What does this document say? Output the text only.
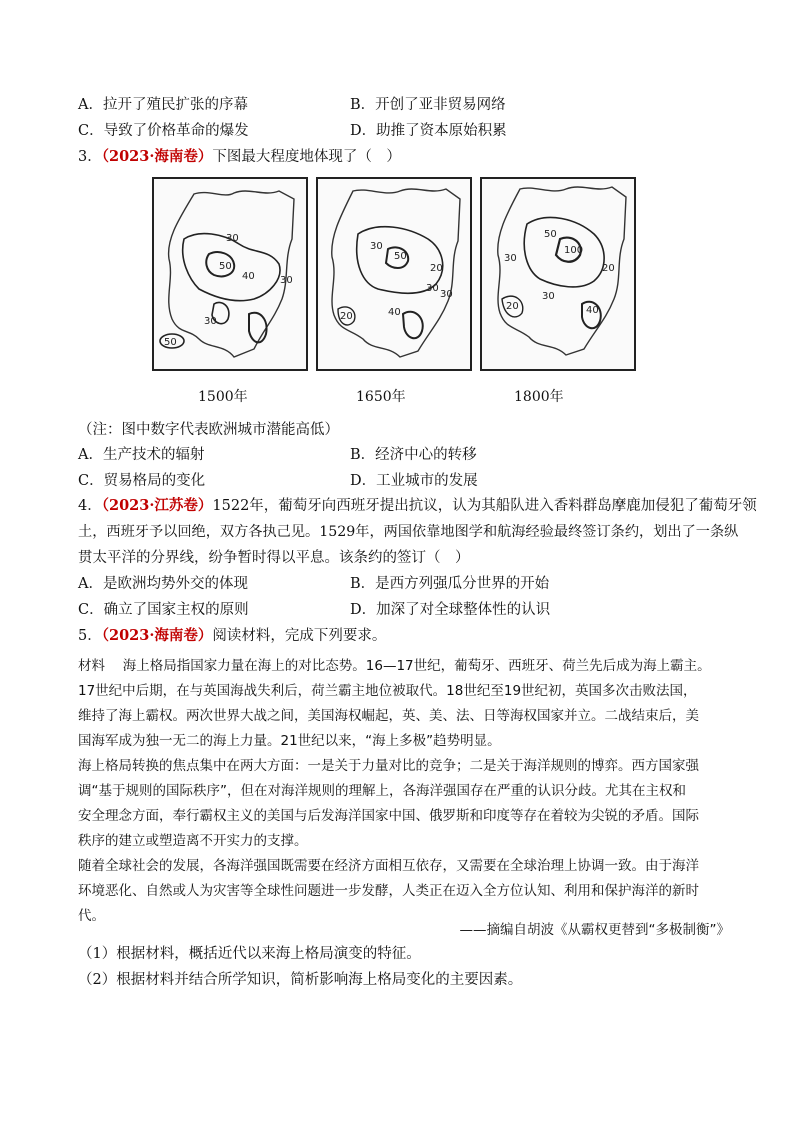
A．拉开了殖民扩张的序幕	B．开创了亚非贸易网络
C．导致了价格革命的爆发	D．助推了资本原始积累
3．（2023·海南卷）下图最大程度地体现了（　）
30
40
50
30
30
50
30
50
20
30
20
30
40
50
30
100
20
20
30
40
1500年	1650年	1800年
（注：图中数字代表欧洲城市潜能高低）
A．生产技术的辐射	B．经济中心的转移
C．贸易格局的变化	D．工业城市的发展
4．（2023·江苏卷）1522年，葡萄牙向西班牙提出抗议，认为其船队进入香料群岛摩鹿加侵犯了葡萄牙领
土，西班牙予以回绝，双方各执己见。1529年，两国依靠地图学和航海经验最终签订条约，划出了一条纵
贯太平洋的分界线，纷争暂时得以平息。该条约的签订（　）
A．是欧洲均势外交的体现	B．是西方列强瓜分世界的开始
C．确立了国家主权的原则	D．加深了对全球整体性的认识
5．（2023·海南卷）阅读材料，完成下列要求。
材料　 海上格局指国家力量在海上的对比态势。16—17世纪，葡萄牙、西班牙、荷兰先后成为海上霸主。
17世纪中后期，在与英国海战失利后，荷兰霸主地位被取代。18世纪至19世纪初，英国多次击败法国，
维持了海上霸权。两次世界大战之间，美国海权崛起，英、美、法、日等海权国家并立。二战结束后，美
国海军成为独一无二的海上力量。21世纪以来，“海上多极”趋势明显。
海上格局转换的焦点集中在两大方面：一是关于力量对比的竞争；二是关于海洋规则的博弈。西方国家强
调“基于规则的国际秩序”，但在对海洋规则的理解上，各海洋强国存在严重的认识分歧。尤其在主权和
安全理念方面，奉行霸权主义的美国与后发海洋国家中国、俄罗斯和印度等存在着较为尖锐的矛盾。国际
秩序的建立或塑造离不开实力的支撑。
随着全球社会的发展，各海洋强国既需要在经济方面相互依存，又需要在全球治理上协调一致。由于海洋
环境恶化、自然或人为灾害等全球性问题进一步发酵，人类正在迈入全方位认知、利用和保护海洋的新时
代。
——摘编自胡波《从霸权更替到“多极制衡”》
（1）根据材料，概括近代以来海上格局演变的特征。
（2）根据材料并结合所学知识，简析影响海上格局变化的主要因素。
